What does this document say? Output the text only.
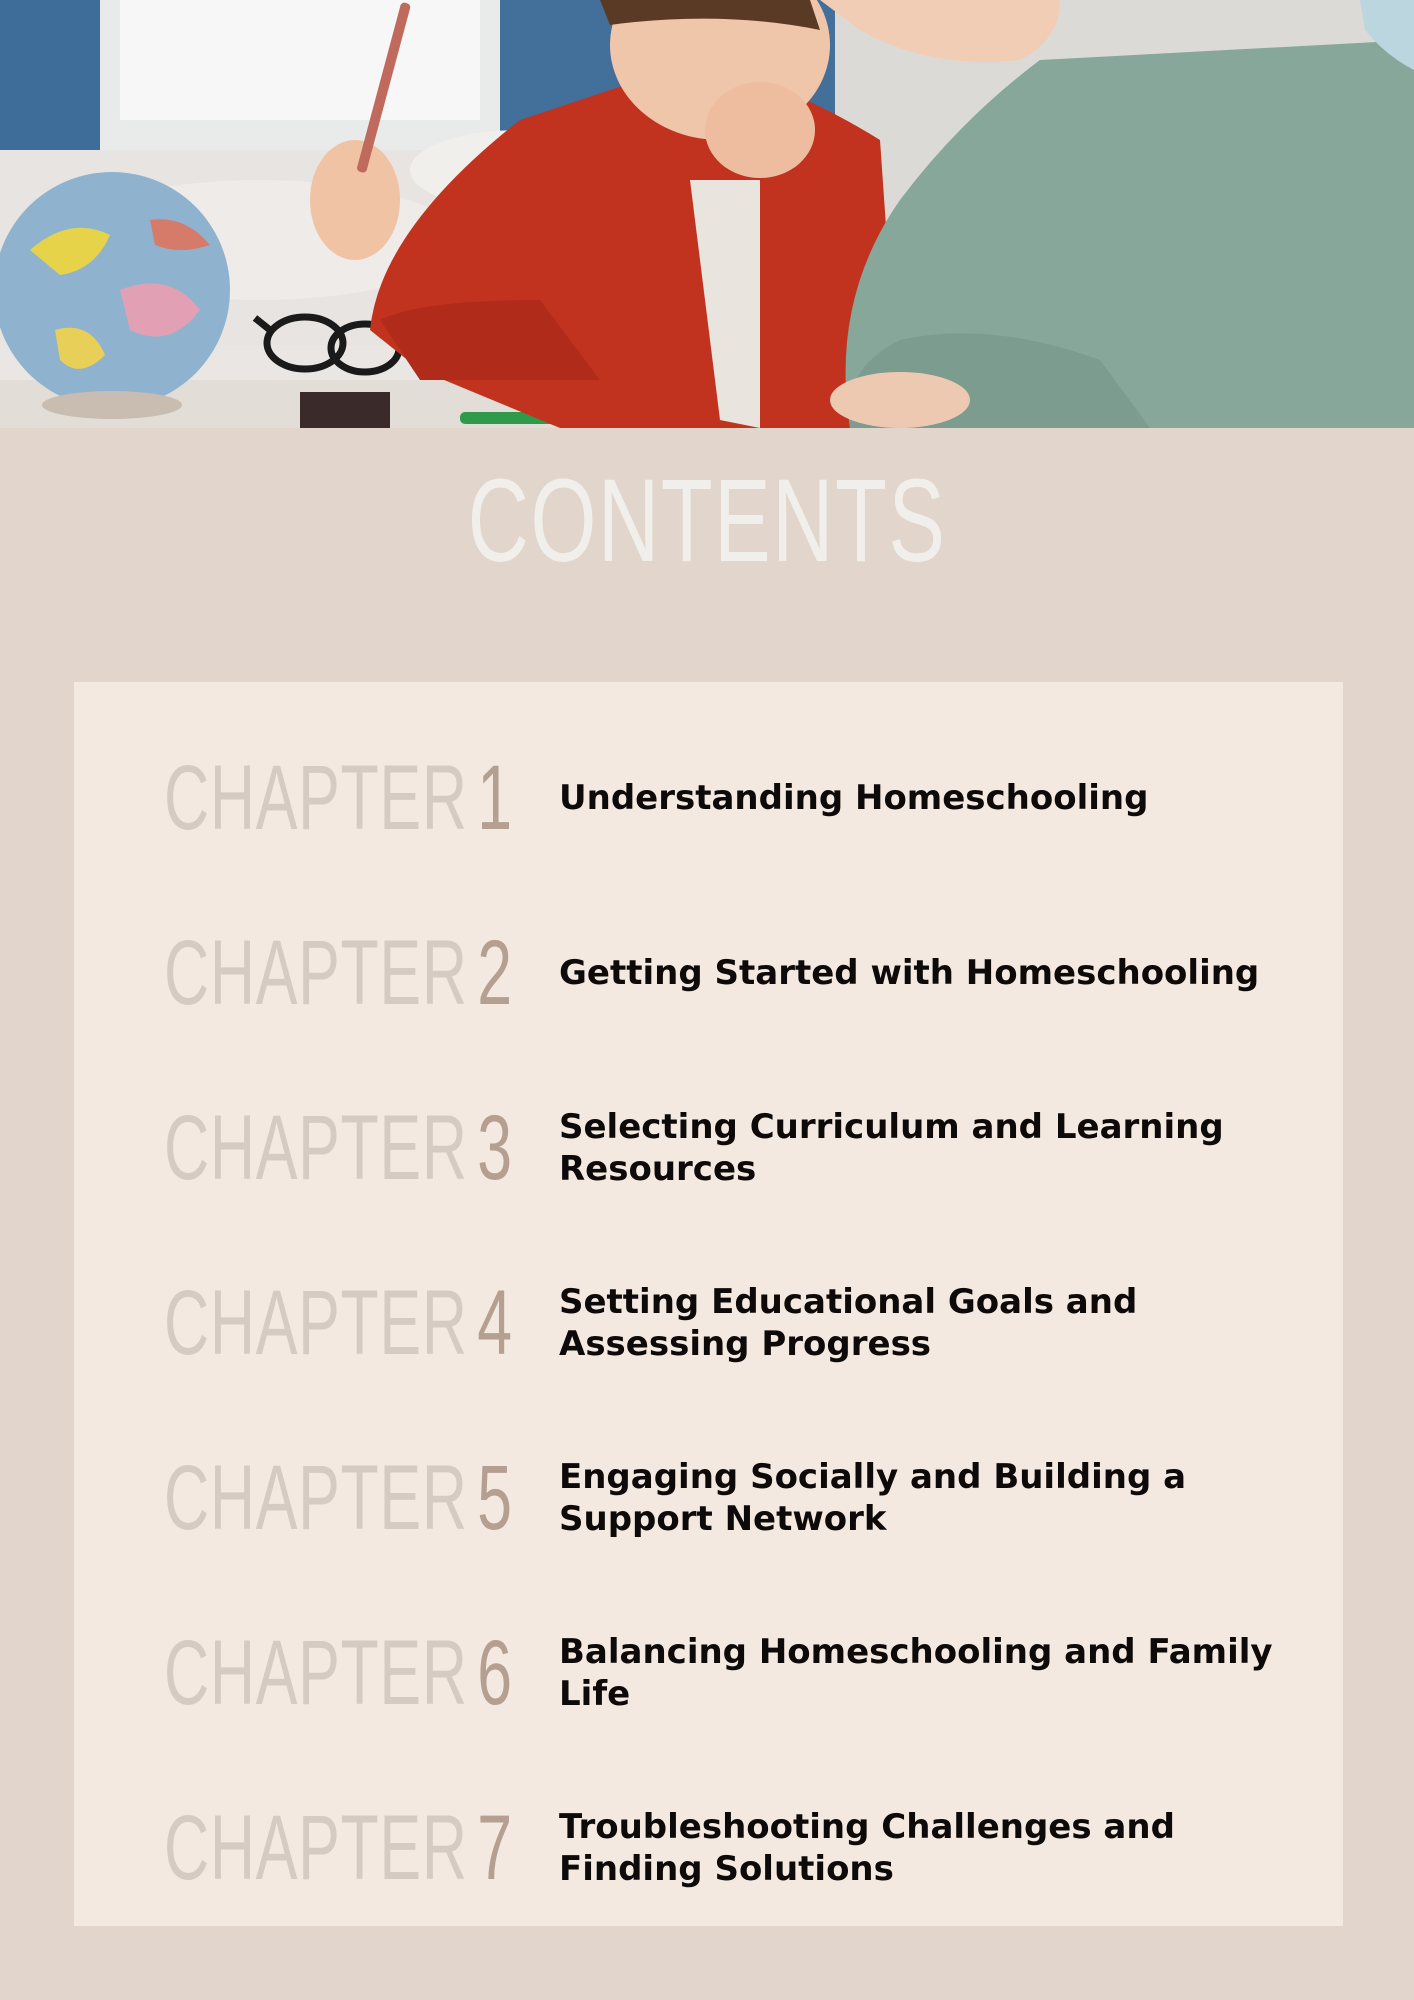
CONTENTS
CHAPTER 1 Understanding Homeschooling
CHAPTER 2 Getting Started with Homeschooling
CHAPTER 3 Selecting Curriculum and Learning Resources
CHAPTER 4 Setting Educational Goals and Assessing Progress
CHAPTER 5 Engaging Socially and Building a Support Network
CHAPTER 6 Balancing Homeschooling and Family Life
CHAPTER 7 Troubleshooting Challenges and Finding Solutions
